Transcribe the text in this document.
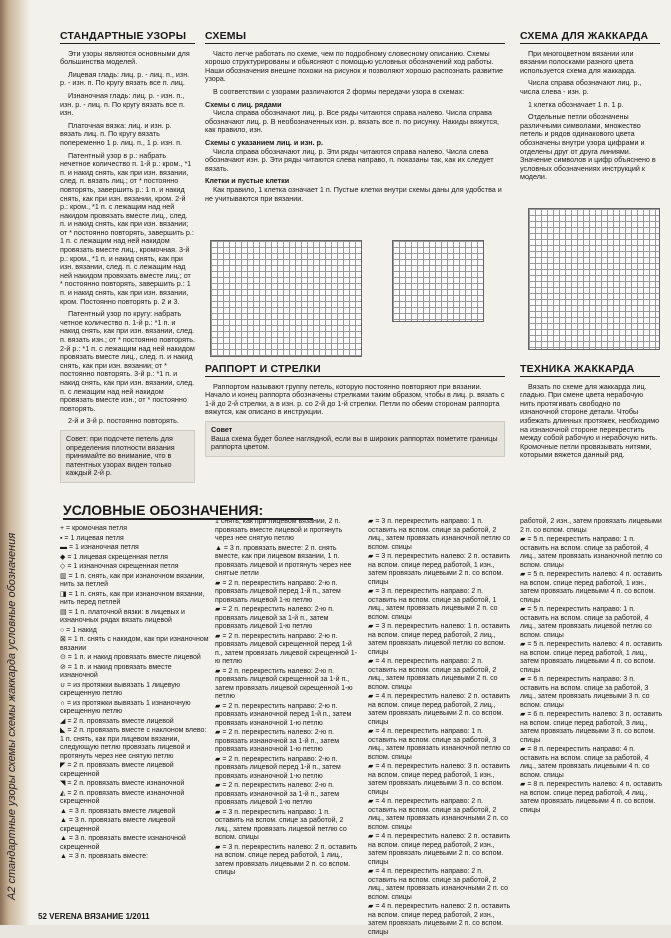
A2 стандартные узоры схемы схемы жаккарда условные обозначения
СТАНДАРТНЫЕ УЗОРЫ

Эти узоры являются основными для большинства моделей.

Лицевая гладь: лиц. р. - лиц. п., изн. р. - изн. п. По кругу вязать все п. лиц.

Изнаночная гладь: лиц. р. - изн. п., изн. р. - лиц. п. По кругу вязать все п. изн.

Платочная вязка: лиц. и изн. р. вязать лиц. п. По кругу вязать попеременно 1 р. лиц. п., 1 р. изн. п.

Патентный узор в р.: набрать нечетное количество п. 1-й р.: кром., *1 п. и накид снять, как при изн. вязании, след. п. вязать лиц.; от * постоянно повторять, завершить р.: 1 п. и накид снять, как при изн. вязании, кром. 2-й р.: кром., *1 п. с лежащим над ней накидом провязать вместе лиц., след. п. и накид снять, как при изн. вязании; от * постоянно повторять, завершить р.: 1 п. с лежащим над ней накидом провязать вместе лиц., кромочная. 3-й р.: кром., *1 п. и накид снять, как при изн. вязании, след. п. с лежащим над ней накидом провязать вместе лиц.; от * постоянно повторять, завершить р.: 1 п. и накид снять, как при изн. вязании, кром. Постоянно повторять р. 2 и 3.

Патентный узор по кругу: набрать четное количество п. 1-й р.: *1 п. и накид снять, как при изн. вязании, след. п. вязать изн.; от * постоянно повторять. 2-й р.: *1 п. с лежащим над ней накидом провязать вместе лиц., след. п. и накид снять, как при изн. вязании; от * постоянно повторять. 3-й р.: *1 п. и накид снять, как при изн. вязании, след. п. с лежащим над ней накидом провязать вместе изн.; от * постоянно повторять.

2-й и 3-й р. постоянно повторять.

Совет: при подсчете петель для определения плотности вязания принимайте во внимание, что в патентных узорах виден только каждый 2-й р.
СХЕМЫ

Часто легче работать по схеме, чем по подробному словесному описанию. Схемы хорошо структурированы и обьясняют с помощью условных обозначений ход работы. Наши обозначения внешне похожи на рисунок и позволяют хорошо распознать развитие узора.

В соответствии с узорами различаются 2 формы передачи узора в схемах:

Схемы с лиц. рядами

Числа справа обозначают лиц. р. Все ряды читаются справа налево. Числа справа обозначают лиц. р. В необозначенных изн. р. вязать все п. по рисунку. Накиды вяжутся, как правило, изн.

Схемы с указанием лиц. и изн. р.

Числа справа обозначают лиц. р. Эти ряды читаются справа налево. Числа слева обозначают изн. р. Эти ряды читаются слева направо, п. показаны так, как их следует вязать.

Клетки и пустые клетки

Как правило, 1 клетка означает 1 п. Пустые клетки внутри схемы даны для удобства и не учитываются при вязании.

РАППОРТ И СТРЕЛКИ

Раппортом называют группу петель, которую постоянно повторяют при вязании. Начало и конец раппорта обозначены стрелками таким образом, чтобы в лиц. р. вязать с 1-й до 2-й стрелки, а в изн. р. со 2-й до 1-й стрелки. Петли по обеим сторонам раппорта вяжутся, как описано в инструкции.

Совет
Ваша схема будет более наглядной, если вы в широких раппортах пометите границы раппорта цветом.
СХЕМА ДЛЯ ЖАККАРДА

При многоцветном вязании или вязании полосками разного цвета используется схема для жаккарда.

Числа справа обозначают лиц. р., числа слева - изн. р.

1 клетка обозначает 1 п. 1 р.

Отдельные петли обозначены различными символами, множество петель и рядов одинакового цвета обозначены внутри узора цифрами и отделены друг от друга линиями. Значение символов и цифр объяснено в условных обозначениях инструкций к модели.

ТЕХНИКА ЖАККАРДА

Вязать по схеме для жаккарда лиц. гладью. При смене цвета нерабочую нить протягивать свободно по изнаночной стороне детали. Чтобы избежать длинных протяжек, необходимо на изнаночной стороне перекрестить между собой рабочую и нерабочую нить. Кромочные петли провязывать нитями, которыми вяжется данный ряд.

УСЛОВНЫЕ ОБОЗНАЧЕНИЯ:
+ = кромочная петля
▪ = 1 лицевая петля
▬ = 1 изнаночная петля
◆ = 1 лицевая скрещенная петля
◇ = 1 изнаночная скрещенная петля
▥ = 1 п. снять, как при изнаночном вязании, нить за петлей
◨ = 1 п. снять, как при изнаночном вязании, нить перед петлей
▤ = 1 п. платочной вязки: в лицевых и изнаночных рядах вязать лицевой
○ = 1 накид
⊠ = 1 п. снять с накидом, как при изнаночном вязании
⊙ = 1 п. и накид провязать вместе лицевой
⊘ = 1 п. и накид провязать вместе изнаночной
∪ = из протяжки вывязать 1 лицевую скрещенную петлю
∩ = из протяжки вывязать 1 изнаночную скрещенную петлю
◢ = 2 п. провязать вместе лицевой
◣ = 2 п. провязать вместе с наклоном влево: 1 п. снять, как при лицевом вязании, следующую петлю провязать лицевой и протянуть через нее снятую петлю
◤ = 2 п. провязать вместе лицевой скрещенной
◥ = 2 п. провязать вместе изнаночной
◭ = 2 п. провязать вместе изнаночной скрещенной
▲ = 3 п. провязать вместе лицевой
▲ = 3 п. провязать вместе лицевой скрещенной
▲ = 3 п. провязать вместе изнаночной скрещенной
▲ = 3 п. провязать вместе:
1 снять, как при лицевом вязании, 2 п. провязать вместе лицевой и протянуть через нее снятую петлю
▲ = 3 п. провязать вместе: 2 п. снять вместе, как при лицевом вязании, 1 п. провязать лицевой и протянуть через нее снятые петли
▰ = 2 п. перекрестить направо: 2-ю п. провязать лицевой перед 1-й п., затем провязать лицевой 1-ю петлю
▰ = 2 п. перекрестить налево: 2-ю п. провязать лицевой за 1-й п., затем провязать лицевой 1-ю петлю
▰ = 2 п. перекрестить направо: 2-ю п. провязать лицевой скрещенной перед 1-й п., затем провязать лицевой скрещенной 1-ю петлю
▰ = 2 п. перекрестить налево: 2-ю п. провязать лицевой скрещенной за 1-й п., затем провязать лицевой скрещенной 1-ю петлю
▰ = 2 п. перекрестить направо: 2-ю п. провязать изнаночной перед 1-й п., затем провязать изнаночной 1-ю петлю
▰ = 2 п. перекрестить налево: 2-ю п. провязать изнаночной за 1-й п., затем провязать изнаночной 1-ю петлю
▰ = 2 п. перекрестить направо: 2-ю п. провязать лицевой перед 1-й п., затем провязать изнаночной 1-ю петлю
▰ = 2 п. перекрестить налево: 2-ю п. провязать изнаночной за 1-й п., затем провязать лицевой 1-ю петлю
▰ = 3 п. перекрестить направо: 1 п. оставить на вспом. спице за работой, 2 лиц., затем провязать лицевой петлю со вспом. спицы
▰ = 3 п. перекрестить налево: 2 п. оставить на вспом. спице перед работой, 1 лиц., затем провязать лицевыми 2 п. со вспом. спицы
▰ = 3 п. перекрестить направо: 1 п. оставить на вспом. спице за работой, 2 лиц., затем провязать изнаночной петлю со вспом. спицы
▰ = 3 п. перекрестить налево: 2 п. оставить на вспом. спице перед работой, 1 изн., затем провязать лицевыми 2 п. со вспом. спицы
▰ = 3 п. перекрестить направо: 2 п. оставить на вспом. спице за работой, 1 лиц., затем провязать лицевыми 2 п. со вспом. спицы
▰ = 3 п. перекрестить налево: 1 п. оставить на вспом. спице перед работой, 2 лиц., затем провязать лицевой петлю со вспом. спицы
▰ = 4 п. перекрестить направо: 2 п. оставить на вспом. спице за работой, 2 лиц., затем провязать лицевыми 2 п. со вспом. спицы
▰ = 4 п. перекрестить налево: 2 п. оставить на вспом. спице перед работой, 2 лиц., затем провязать лицевыми 2 п. со вспом. спицы
▰ = 4 п. перекрестить направо: 1 п. оставить на вспом. спице за работой, 3 лиц., затем провязать изнаночной петлю со вспом. спицы
▰ = 4 п. перекрестить налево: 3 п. оставить на вспом. спице перед работой, 1 изн., затем провязать лицевыми 3 п. со вспом. спицы
▰ = 4 п. перекрестить направо: 2 п. оставить на вспом. спице за работой, 2 лиц., затем провязать изнаночными 2 п. со вспом. спицы
▰ = 4 п. перекрестить налево: 2 п. оставить на вспом. спице перед работой, 2 изн., затем провязать лицевыми 2 п. со вспом. спицы
▰ = 4 п. перекрестить направо: 2 п. оставить на вспом. спице за работой, 2 лиц., затем провязать изнаночными 2 п. со вспом. спицы
▰ = 4 п. перекрестить налево: 2 п. оставить на вспом. спице перед работой, 2 изн., затем провязать лицевыми 2 п. со вспом. спицы
работой, 2 изн., затем провязать лицевыми 2 п. со вспом. спицы
▰ = 5 п. перекрестить направо: 1 п. оставить на вспом. спице за работой, 4 лиц., затем провязать изнаночной петлю со вспом. спицы
▰ = 5 п. перекрестить налево: 4 п. оставить на вспом. спице перед работой, 1 изн., затем провязать лицевыми 4 п. со вспом. спицы
▰ = 5 п. перекрестить направо: 1 п. оставить на вспом. спице за работой, 4 лиц., затем провязать лицевой петлю со вспом. спицы
▰ = 5 п. перекрестить налево: 4 п. оставить на вспом. спице перед работой, 1 лиц., затем провязать лицевыми 4 п. со вспом. спицы
▰ = 6 п. перекрестить направо: 3 п. оставить на вспом. спице за работой, 3 лиц., затем провязать лицевыми 3 п. со вспом. спицы
▰ = 6 п. перекрестить налево: 3 п. оставить на вспом. спице перед работой, 3 лиц., затем провязать лицевыми 3 п. со вспом. спицы
▰ = 8 п. перекрестить направо: 4 п. оставить на вспом. спице за работой, 4 лиц., затем провязать лицевыми 4 п. со вспом. спицы
▰ = 8 п. перекрестить налево: 4 п. оставить на вспом. спице перед работой, 4 лиц., затем провязать лицевыми 4 п. со вспом. спицы
52 VERENA ВЯЗАНИЕ 1/2011
